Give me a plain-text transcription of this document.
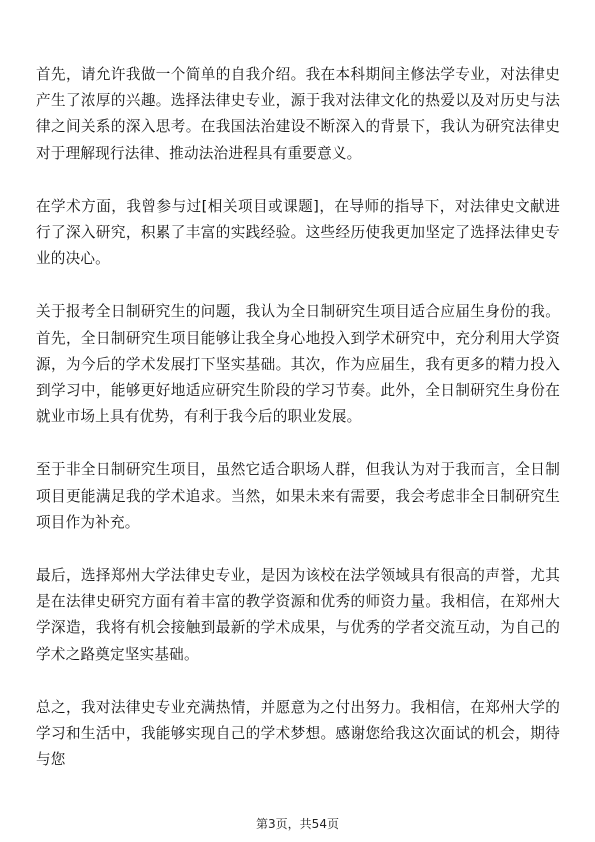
首先，请允许我做一个简单的自我介绍。我在本科期间主修法学专业，对法律史产生了浓厚的兴趣。选择法律史专业，源于我对法律文化的热爱以及对历史与法律之间关系的深入思考。在我国法治建设不断深入的背景下，我认为研究法律史对于理解现行法律、推动法治进程具有重要意义。

在学术方面，我曾参与过[相关项目或课题]，在导师的指导下，对法律史文献进行了深入研究，积累了丰富的实践经验。这些经历使我更加坚定了选择法律史专业的决心。

关于报考全日制研究生的问题，我认为全日制研究生项目适合应届生身份的我。首先，全日制研究生项目能够让我全身心地投入到学术研究中，充分利用大学资源，为今后的学术发展打下坚实基础。其次，作为应届生，我有更多的精力投入到学习中，能够更好地适应研究生阶段的学习节奏。此外，全日制研究生身份在就业市场上具有优势，有利于我今后的职业发展。

至于非全日制研究生项目，虽然它适合职场人群，但我认为对于我而言，全日制项目更能满足我的学术追求。当然，如果未来有需要，我会考虑非全日制研究生项目作为补充。

最后，选择郑州大学法律史专业，是因为该校在法学领域具有很高的声誉，尤其是在法律史研究方面有着丰富的教学资源和优秀的师资力量。我相信，在郑州大学深造，我将有机会接触到最新的学术成果，与优秀的学者交流互动，为自己的学术之路奠定坚实基础。

总之，我对法律史专业充满热情，并愿意为之付出努力。我相信，在郑州大学的学习和生活中，我能够实现自己的学术梦想。感谢您给我这次面试的机会，期待与您

第3页，共54页
